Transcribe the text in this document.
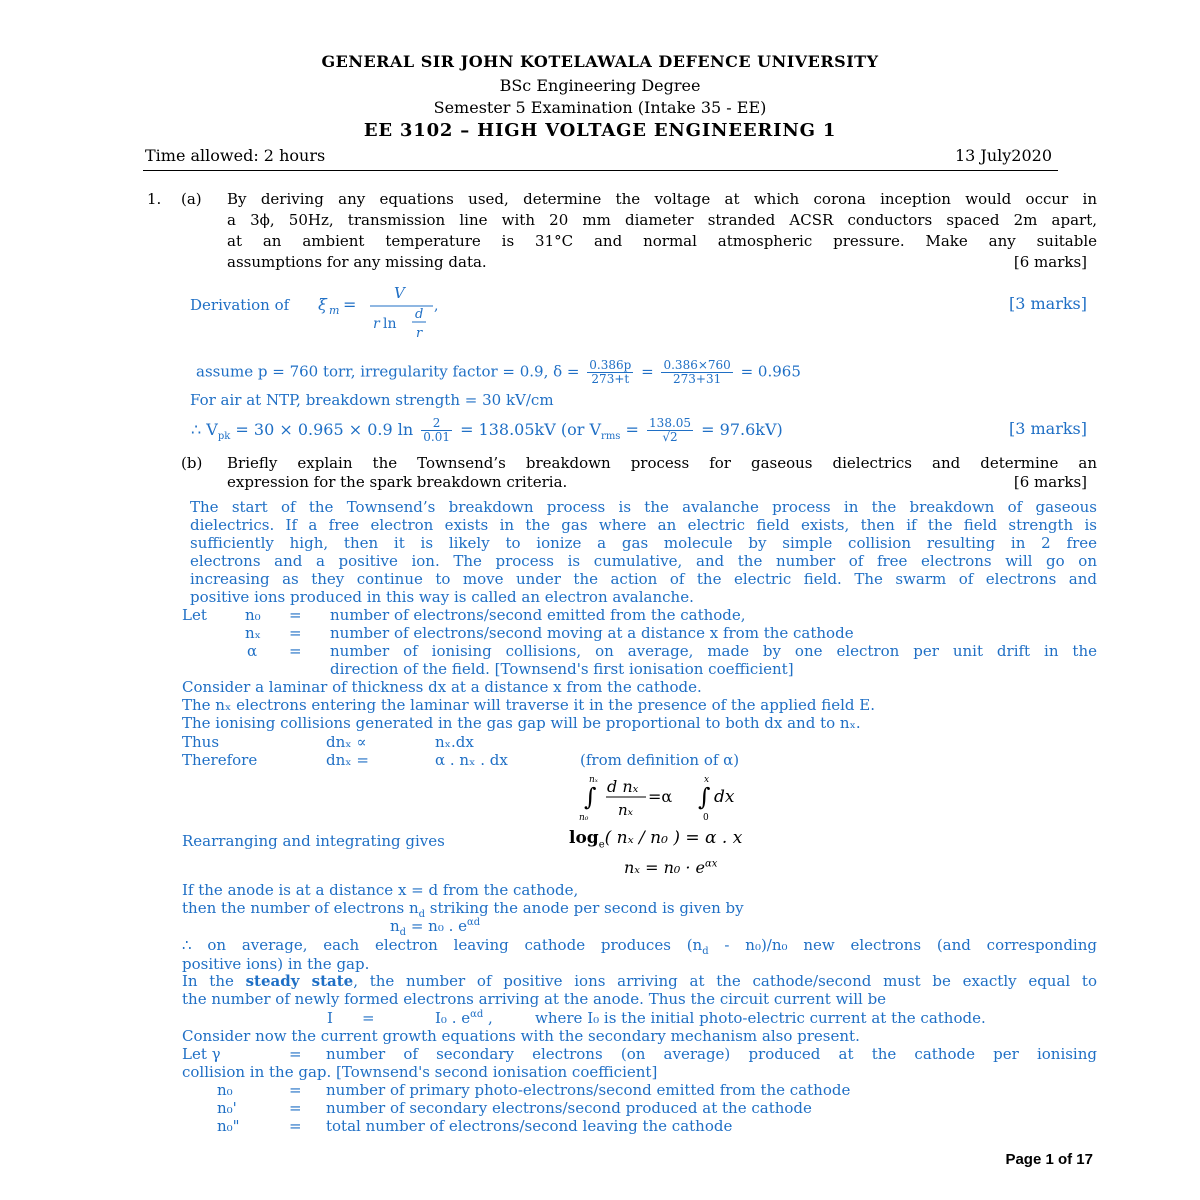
GENERAL SIR JOHN KOTELAWALA DEFENCE UNIVERSITY
BSc Engineering Degree
Semester 5 Examination (Intake 35 - EE)
EE 3102 – HIGH VOLTAGE ENGINEERING 1
Time allowed: 2 hours	13 July2020
1. (a) By deriving any equations used, determine the voltage at which corona inception would occur in
a 3ϕ, 50Hz, transmission line with 20 mm diameter stranded ACSR conductors spaced 2m apart,
at an ambient temperature is 31°C and normal atmospheric pressure. Make any suitable
assumptions for any missing data.	[6 marks]
Derivation of ξ m =
V
r ln
d
r
,	[3 marks]
assume p = 760 torr, irregularity factor = 0.9, $\delta = \frac{0.386p}{273+t} = \frac{0.386\times 760}{273+31} = 0.965$
For air at NTP, breakdown strength = 30 kV/cm
∴ $V_{pk} = 30 \times 0.965 \times 0.9$ $\ln \frac{2}{0.01} = 138.05kV$ (or $V_{rms} = \frac{138.05}{√2} = 97.6kV$)	[3 marks]
(b) Briefly explain the Townsend’s breakdown process for gaseous dielectrics and determine an
expression for the spark breakdown criteria.	[6 marks]
The start of the Townsend’s breakdown process is the avalanche process in the breakdown of gaseous
dielectrics. If a free electron exists in the gas where an electric field exists, then if the field strength is
sufficiently high, then it is likely to ionize a gas molecule by simple collision resulting in 2 free
electrons and a positive ion. The process is cumulative, and the number of free electrons will go on
increasing as they continue to move under the action of the electric field. The swarm of electrons and
positive ions produced in this way is called an electron avalanche.
Let	n₀ = number of electrons/second emitted from the cathode,
nₓ = number of electrons/second moving at a distance x from the cathode
α = number of ionising collisions, on average, made by one electron per unit drift in the
direction of the field. [Townsend's first ionisation coefficient]
Consider a laminar of thickness dx at a distance x from the cathode.
The nₓ electrons entering the laminar will traverse it in the presence of the applied field E.
The ionising collisions generated in the gas gap will be proportional to both dx and to nₓ.
Thus	dnₓ ∝	nₓ.dx
Therefore	dnₓ =	α . nₓ . dx	(from definition of α)
nₓ
∫
n₀
d nₓ
nₓ
=α
x
∫
0
dx
Rearranging and integrating gives	$\log_e$( nₓ / n₀ ) = α . x
$n_x = n_0 \cdot e^{\alpha x}$
If the anode is at a distance x = d from the cathode,
then the number of electrons $n_d$ striking the anode per second is given by
$n_d = n_0$ . $e^{\alpha d}$
∴ on average, each electron leaving cathode produces $(n_d - n_0)/n_0$ new electrons (and corresponding
positive ions) in the gap.
In the steady state, the number of positive ions arriving at the cathode/second must be exactly equal to
the number of newly formed electrons arriving at the anode. Thus the circuit current will be
I =	I₀ . $e^{\alpha d}$ ,	where I₀ is the initial photo-electric current at the cathode.
Consider now the current growth equations with the secondary mechanism also present.
Let γ	= number of secondary electrons (on average) produced at the cathode per ionising
collision in the gap. [Townsend's second ionisation coefficient]
n₀	= number of primary photo-electrons/second emitted from the cathode
n₀'	= number of secondary electrons/second produced at the cathode
n₀"	= total number of electrons/second leaving the cathode
Page 1 of 17
